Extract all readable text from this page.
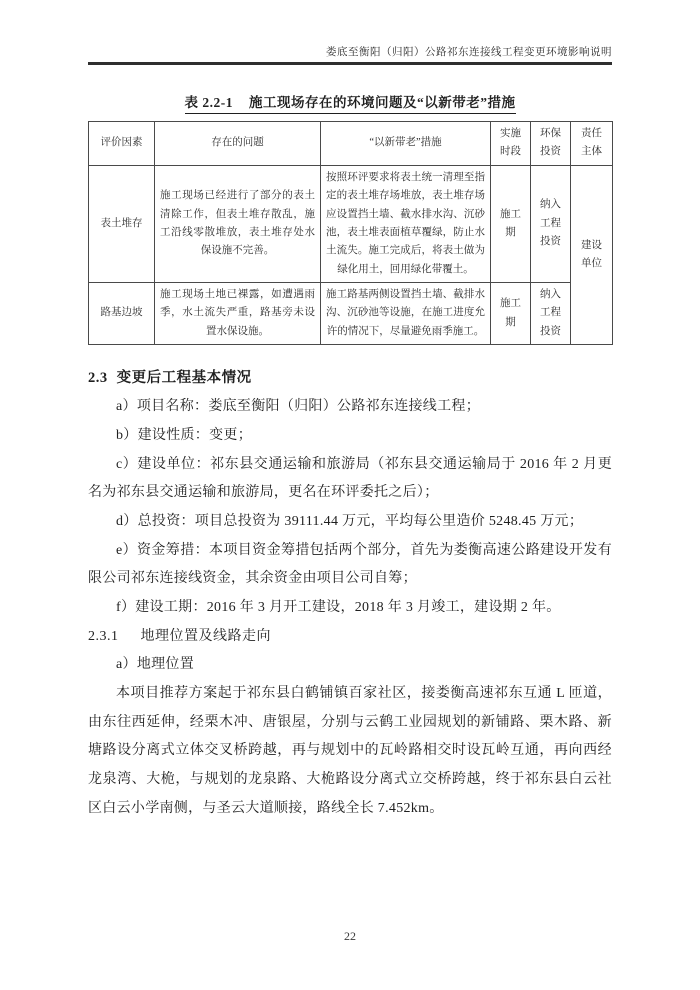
娄底至衡阳（归阳）公路祁东连接线工程变更环境影响说明
表 2.2-1 施工现场存在的环境问题及“以新带老”措施
评价因素	存在的问题	“以新带老”措施	实施时段	环保投资	责任主体
表土堆存	施工现场已经进行了部分的表土清除工作，但表土堆存散乱，施工沿线零散堆放，表土堆存处水保设施不完善。	按照环评要求将表土统一清理至指定的表土堆存场堆放，表土堆存场应设置挡土墙、截水排水沟、沉砂池，表土堆表面植草覆绿，防止水土流失。施工完成后，将表土做为绿化用土，回用绿化带覆土。	施工期	纳入工程投资	建设单位
路基边坡	施工现场土地已裸露，如遭遇雨季，水土流失严重，路基旁未设置水保设施。	施工路基两侧设置挡土墙、截排水沟、沉砂池等设施，在施工进度允许的情况下，尽量避免雨季施工。	施工期	纳入工程投资	
2.3 变更后工程基本情况

a）项目名称：娄底至衡阳（归阳）公路祁东连接线工程；

b）建设性质：变更；

c）建设单位：祁东县交通运输和旅游局（祁东县交通运输局于 2016 年 2 月更名为祁东县交通运输和旅游局，更名在环评委托之后）；

d）总投资：项目总投资为 39111.44 万元，平均每公里造价 5248.45 万元；

e）资金筹措：本项目资金筹措包括两个部分，首先为娄衡高速公路建设开发有限公司祁东连接线资金，其余资金由项目公司自筹；

f）建设工期：2016 年 3 月开工建设，2018 年 3 月竣工，建设期 2 年。

2.3.1 地理位置及线路走向

a）地理位置

本项目推荐方案起于祁东县白鹤铺镇百家社区，接娄衡高速祁东互通 L 匝道，由东往西延伸，经栗木冲、唐银屋，分别与云鹤工业园规划的新铺路、栗木路、新塘路设分离式立体交叉桥跨越，再与规划中的瓦岭路相交时设瓦岭互通，再向西经龙泉湾、大桅，与规划的龙泉路、大桅路设分离式立交桥跨越，终于祁东县白云社区白云小学南侧，与圣云大道顺接，路线全长 7.452km。

22
